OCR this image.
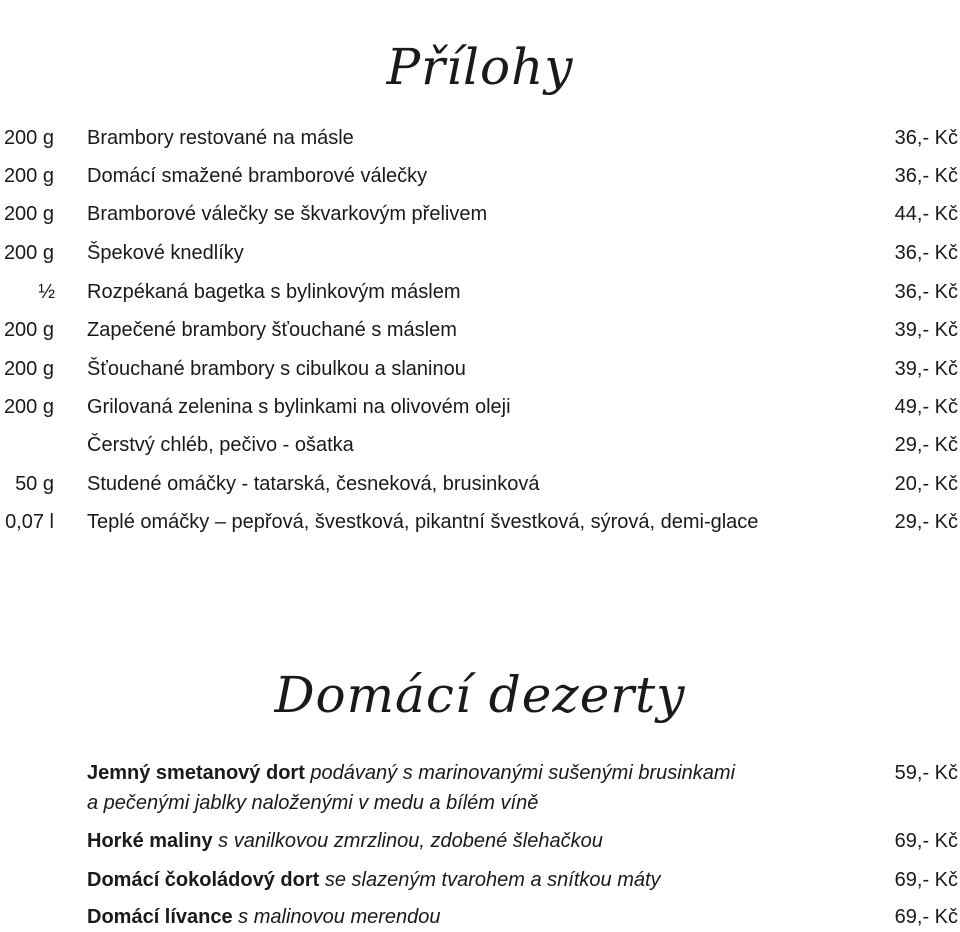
Přílohy
200 g Brambory restované na másle	36,- Kč
200 g Domácí smažené bramborové válečky	36,- Kč
200 g Bramborové válečky se škvarkovým přelivem	44,- Kč
200 g Špekové knedlíky	36,- Kč
½ Rozpékaná bagetka s bylinkovým máslem	36,- Kč
200 g Zapečené brambory šťouchané s máslem	39,- Kč
200 g Šťouchané brambory s cibulkou a slaninou	39,- Kč
200 g Grilovaná zelenina s bylinkami na olivovém oleji	49,- Kč
Čerstvý chléb, pečivo - ošatka	29,- Kč
50 g Studené omáčky - tatarská, česneková, brusinková	20,- Kč
0,07 l Teplé omáčky – pepřová, švestková, pikantní švestková, sýrová, demi-glace	29,- Kč
Domácí dezerty
Jemný smetanový dort podávaný s marinovanými sušenými brusinkami
a pečenými jablky naloženými v medu a bílém víně
59,- Kč
Horké maliny s vanilkovou zmrzlinou, zdobené šlehačkou	69,- Kč
Domácí čokoládový dort se slazeným tvarohem a snítkou máty	69,- Kč
Domácí lívance s malinovou merendou	69,- Kč
